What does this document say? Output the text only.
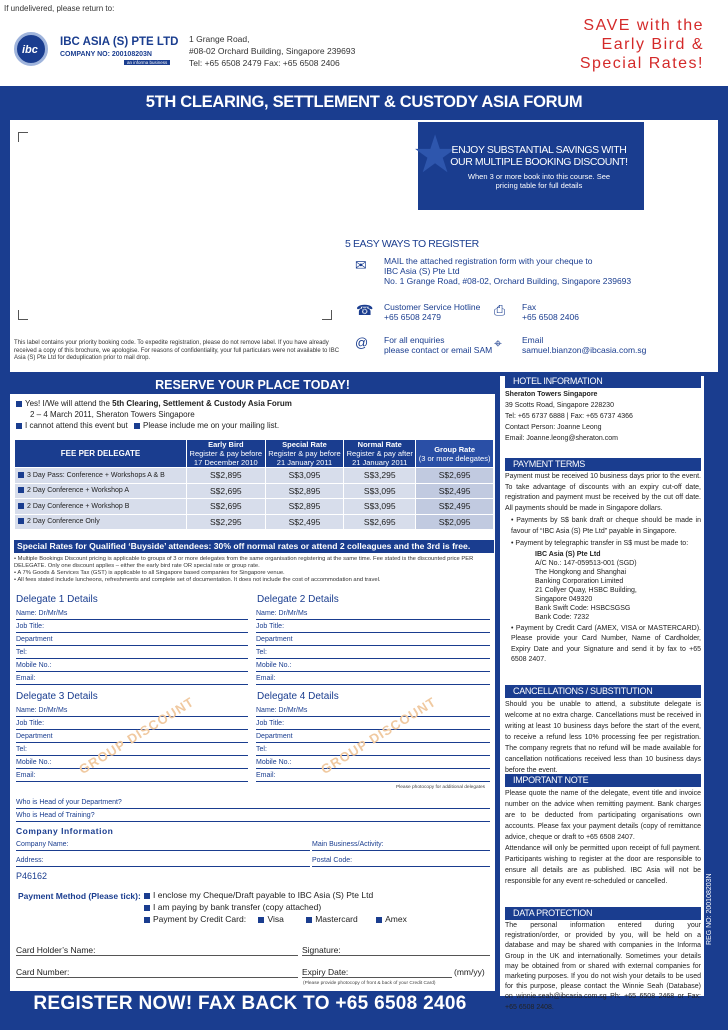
If undelivered, please return to:
ibc
IBC ASIA (S) PTE LTD
COMPANY NO: 200108203N
an informa business
1 Grange Road,
#08-02 Orchard Building, Singapore 239693
Tel: +65 6508 2479 Fax: +65 6508 2406
SAVE with the
Early Bird &
Special Rates!
5TH CLEARING, SETTLEMENT & CUSTODY ASIA FORUM
★
ENJOY SUBSTANTIAL SAVINGS WITH OUR MULTIPLE BOOKING DISCOUNT!
When 3 or more book into this course. See pricing table for full details
5 EASY WAYS TO REGISTER
✉ MAIL the attached registration form with your cheque to
IBC Asia (S) Pte Ltd
No. 1 Grange Road, #08-02, Orchard Building, Singapore 239693
☎ Customer Service Hotline
+65 6508 2479	⎙ Fax
+65 6508 2406
@ For all enquiries
please contact or email SAM ⌖ Email
samuel.bianzon@ibcasia.com.sg
This label contains your priority booking code. To expedite registration, please do not remove label. If you have already received a copy of this brochure, we apologise. For reasons of confidentiality, your full particulars were not available to IBC Asia (S) Pte Ltd for deduplication prior to mail drop.
RESERVE YOUR PLACE TODAY!
Yes! I/We will attend the 5th Clearing, Settlement & Custody Asia Forum
2 – 4 March 2011, Sheraton Towers Singapore
I cannot attend this event but Please include me on your mailing list.
FEE PER DELEGATE	Early Bird
Register & pay before
17 December 2010	Special Rate
Register & pay before
21 January 2011	Normal Rate
Register & pay after
21 January 2011	Group Rate
(3 or more delegates)
3 Day Pass: Conference + Workshops A & B	S$2,895	S$3,095	S$3,295	S$2,695
2 Day Conference + Workshop A	S$2,695	S$2,895	S$3,095	S$2,495
2 Day Conference + Workshop B	S$2,695	S$2,895	S$3,095	S$2,495
2 Day Conference Only	S$2,295	S$2,495	S$2,695	S$2,095
Special Rates for Qualified ‘Buyside’ attendees: 30% off normal rates or attend 2 colleagues and the 3rd is free.
• Multiple Bookings Discount pricing is applicable to groups of 3 or more delegates from the same organisation registering at the same time. Fee stated is the discounted price PER DELEGATE. Only one discount applies – either the early bird rate OR special rate or group rate.
• A 7% Goods & Services Tax (GST) is applicable to all Singapore based companies for Singapore venue.
• All fees stated include luncheons, refreshments and complete set of documentation. It does not include the cost of accommodation and travel.
Delegate 1 Details	Delegate 2 Details
Name: Dr/Mr/Ms
Job Title:
Department
Tel:
Mobile No.:
Email:
Name: Dr/Mr/Ms
Job Title:
Department
Tel:
Mobile No.:
Email:
Delegate 3 Details	Delegate 4 Details
Name: Dr/Mr/Ms
Job Title:
Department
Tel:
Mobile No.:
Email:
Name: Dr/Mr/Ms
Job Title:
Department
Tel:
Mobile No.:
Email:
GROUP DISCOUNT	GROUP DISCOUNT
Please photocopy for additional delegates
Who is Head of your Department?
Who is Head of Training?
Company Information
Company Name:	Main Business/Activity:
Address:	Postal Code:
P46162
Payment Method (Please tick):	I enclose my Cheque/Draft payable to IBC Asia (S) Pte Ltd
I am paying by bank transfer (copy attached)
Payment by Credit Card:	Visa	Mastercard	Amex
Card Holder’s Name:	Signature:
Card Number:	Expiry Date:	(mm/yy)
(Please provide photocopy of front & back of your Credit Card)
REGISTER NOW! FAX BACK TO +65 6508 2406
HOTEL INFORMATION
Sheraton Towers Singapore
39 Scotts Road, Singapore 228230
Tel: +65 6737 6888 | Fax: +65 6737 4366
Contact Person: Joanne Leong
Email: Joanne.leong@sheraton.com
PAYMENT TERMS
Payment must be received 10 business days prior to the event. To take advantage of discounts with an expiry cut-off date, registration and payment must be received by the cut off date. All payments should be made in Singapore dollars.
• Payments by S$ bank draft or cheque should be made in favour of “IBC Asia (S) Pte Ltd” payable in Singapore.
• Payment by telegraphic transfer in S$ must be made to:
IBC Asia (S) Pte Ltd
A/C No.: 147-059513-001 (SGD)
The Hongkong and Shanghai
Banking Corporation Limited
21 Collyer Quay, HSBC Building,
Singapore 049320
Bank Swift Code: HSBCSGSG
Bank Code: 7232
• Payment by Credit Card (AMEX, VISA or MASTERCARD). Please provide your Card Number, Name of Cardholder, Expiry Date and your Signature and send it by fax to +65 6508 2407.
CANCELLATIONS / SUBSTITUTION
Should you be unable to attend, a substitute delegate is welcome at no extra charge. Cancellations must be received in writing at least 10 business days before the start of the event, to receive a refund less 10% processing fee per registration. The company regrets that no refund will be made available for cancellation notifications received less than 10 business days before the event.
IMPORTANT NOTE
Please quote the name of the delegate, event title and invoice number on the advice when remitting payment. Bank charges are to be deducted from participating organisations own accounts. Please fax your payment details (copy of remittance advice, cheque or draft to +65 6508 2407.
Attendance will only be permitted upon receipt of full payment. Participants wishing to register at the door are responsible to ensure all details are as published. IBC Asia will not be responsible for any event re-scheduled or cancelled.
DATA PROTECTION
The personal information entered during your registration/order, or provided by you, will be held on a database and may be shared with companies in the Informa Group in the UK and internationally. Sometimes your details may be obtained from or shared with external companies for marketing purposes. If you do not wish your details to be used for this purpose, please contact the Winnie Seah (Database) on winnie.seah@ibcasia.com.sg Ph: +65 6508 2468 or Fax: +65 6508 2408.
REG NO: 200108203N
